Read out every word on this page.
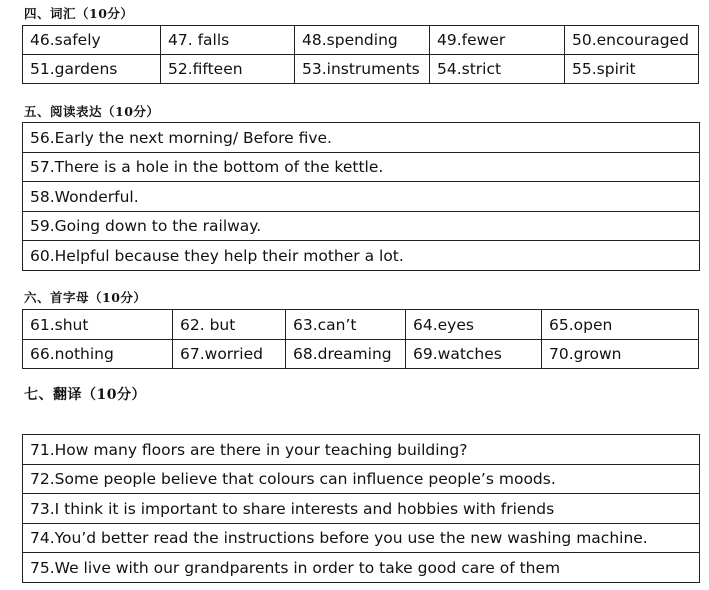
四、词汇（10分）
46.safely	47. falls	48.spending	49.fewer	50.encouraged
51.gardens	52.fifteen	53.instruments	54.strict	55.spirit
五、阅读表达（10分）
56.Early the next morning/ Before five.
57.There is a hole in the bottom of the kettle.
58.Wonderful.
59.Going down to the railway.
60.Helpful because they help their mother a lot.
六、首字母（10分）
61.shut	62. but	63.can’t	64.eyes	65.open
66.nothing	67.worried	68.dreaming	69.watches	70.grown
七、翻译（10分）
71.How many floors are there in your teaching building?
72.Some people believe that colours can influence people’s moods.
73.I think it is important to share interests and hobbies with friends
74.You’d better read the instructions before you use the new washing machine.
75.We live with our grandparents in order to take good care of them
